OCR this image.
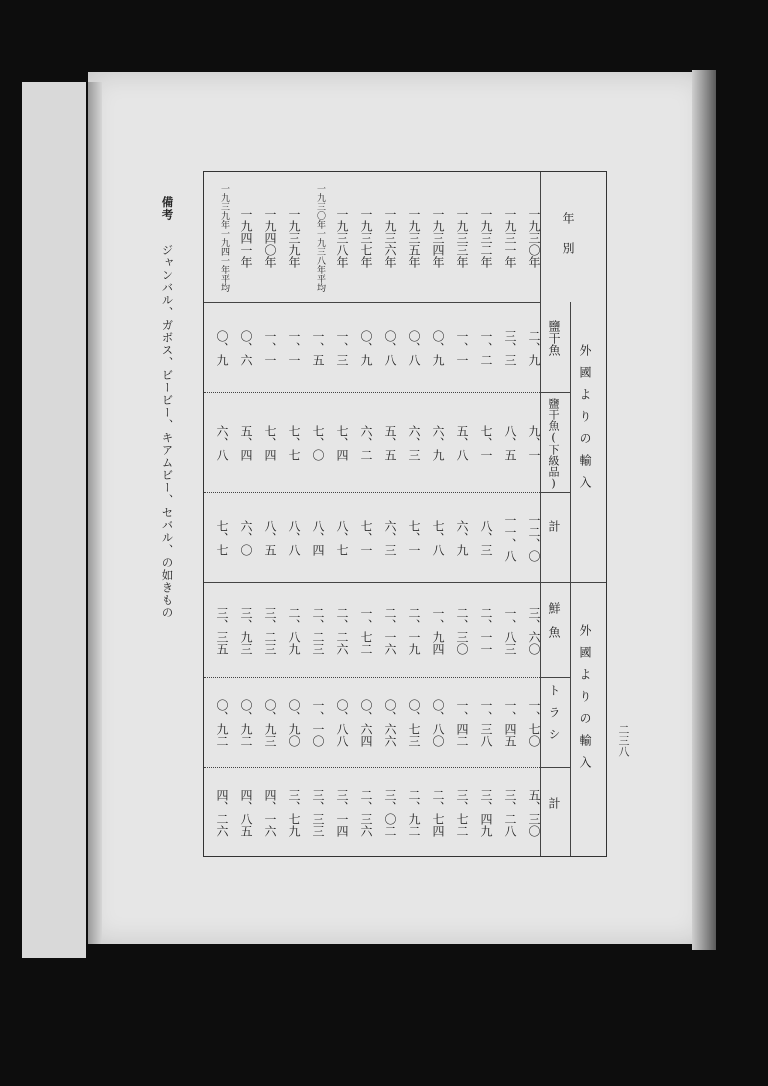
二三八
備考 ジャンバル、ガボス、ビービー、キアムビー、セバル、の如きもの
年別
外國よりの輸入
鹽干魚
鹽干魚(下級品)
計
外國よりの輸入
鮮魚
トラシ
計
一九三〇年
二、九
九、一
一二、〇
三、六〇
一、七〇
五、三〇
一九三一年
三、三
八、五
一一、八
一、八三
一、四五
三、二八
一九三二年
一、二
七、一
八、三
二、一一
一、三八
三、四九
一九三三年
一、一
五、八
六、九
二、三〇
一、四二
三、七二
一九三四年
〇、九
六、九
七、八
一、九四
〇、八〇
二、七四
一九三五年
〇、八
六、三
七、一
二、一九
〇、七三
二、九二
一九三六年
〇、八
五、五
六、三
二、一六
〇、六六
三、〇二
一九三七年
〇、九
六、二
七、一
一、七二
〇、六四
二、三六
一九三八年
一、三
七、四
八、七
二、二六
〇、八八
三、一四
一九三〇年一九三八年平均
一、五
七、〇
八、四
二、二三
一、一〇
三、三三
一九三九年
一、一
七、七
八、八
二、八九
〇、九〇
三、七九
一九四〇年
一、一
七、四
八、五
三、二三
〇、九三
四、一六
一九四一年
〇、六
五、四
六、〇
三、九三
〇、九二
四、八五
一九三九年一九四一年平均
〇、九
六、八
七、七
三、三五
〇、九二
四、二六
